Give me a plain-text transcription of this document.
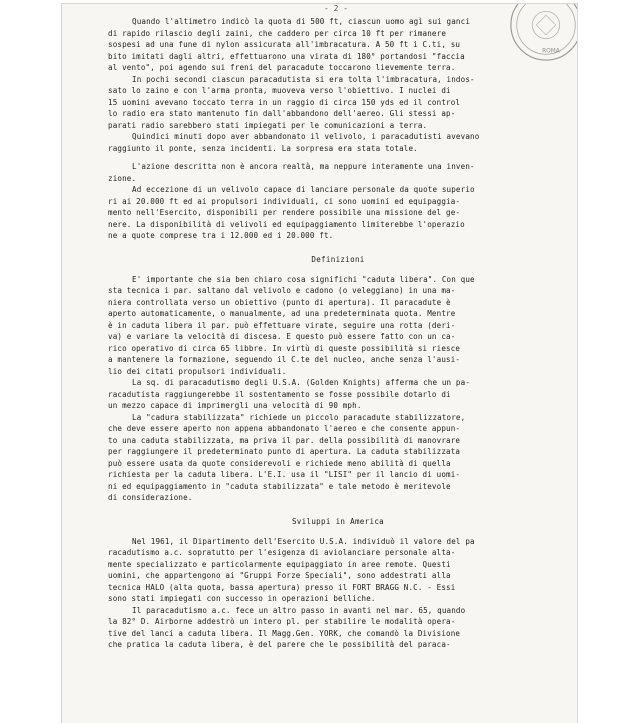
- 2 -
ROMA
Quando l'altimetro indicò la quota di 500 ft, ciascun uomo agì sui ganci
di rapido rilascio degli zaini, che caddero per circa 10 ft per rimanere
sospesi ad una fune di nylon assicurata all'imbracatura. A 50 ft i C.ti, su
bito imitati dagli altri, effettuarono una virata di 180° portandosi "faccia
al vento", poi agendo sui freni del paracadute toccarono lievemente terra.
In pochi secondi ciascun paracadutista si era tolta l'imbracatura, indos-
sato lo zaino e con l'arma pronta, muoveva verso l'obiettivo. I nuclei di
15 uomini avevano toccato terra in un raggio di circa 150 yds ed il control
lo radio era stato mantenuto fin dall'abbandono dell'aereo. Gli stessi ap-
parati radio sarebbero stati impiegati per le comunicazioni a terra.
Quindici minuti dopo aver abbandonato il velivolo, i paracadutisti avevano
raggiunto il ponte, senza incidenti. La sorpresa era stata totale.
L'azione descritta non è ancora realtà, ma neppure interamente una inven-
zione.
Ad eccezione di un velivolo capace di lanciare personale da quote superio
ri ai 20.000 ft ed ai propulsori individuali, ci sono uomini ed equipaggia-
mento nell'Esercito, disponibili per rendere possibile una missione del ge-
nere. La disponibilità di velivoli ed equipaggiamento limiterebbe l'operazio
ne a quote comprese tra i 12.000 ed i 20.000 ft.
Definizioni
E' importante che sia ben chiaro cosa significhi "caduta libera". Con que
sta tecnica i par. saltano dal velivolo e cadono (o veleggiano) in una ma-
niera controllata verso un obiettivo (punto di apertura). Il paracadute è
aperto automaticamente, o manualmente, ad una predeterminata quota. Mentre
è in caduta libera il par. può effettuare virate, seguire una rotta (deri-
va) e variare la velocità di discesa. E questo può essere fatto con un ca-
rico operativo di circa 65 libbre. In virtù di queste possibilità si riesce
a mantenere la formazione, seguendo il C.te del nucleo, anche senza l'ausi-
lio dei citati propulsori individuali.
La sq. di paracadutismo degli U.S.A. (Golden Knights) afferma che un pa-
racadutista raggiungerebbe il sostentamento se fosse possibile dotarlo di
un mezzo capace di imprimergli una velocità di 90 mph.
La "cadura stabilizzata" richiede un piccolo paracadute stabilizzatore,
che deve essere aperto non appena abbandonato l'aereo e che consente appun-
to una caduta stabilizzata, ma priva il par. della possibilità di manovrare
per raggiungere il predeterminato punto di apertura. La caduta stabilizzata
può essere usata da quote considerevoli e richiede meno abilità di quella
richiesta per la caduta libera. L'E.I. usa il "LISI" per il lancio di uomi-
ni ed equipaggiamento in "caduta stabilizzata" e tale metodo è meritevole
di considerazione.
Sviluppi in America
Nel 1961, il Dipartimento dell'Esercito U.S.A. individuò il valore del pa
racadutismo a.c. sopratutto per l'esigenza di aviolanciare personale alta-
mente specializzato e particolarmente equipaggiato in aree remote. Questi
uomini, che appartengono ai "Gruppi Forze Speciali", sono addestrati alla
tecnica HALO (alta quota, bassa apertura) presso il FORT BRAGG N.C. - Essi
sono stati impiegati con successo in operazioni belliche.
Il paracadutismo a.c. fece un altro passo in avanti nel mar. 65, quando
la 82° D. Airborne addestrò un intero pl. per stabilire le modalità opera-
tive del lanci a caduta libera. Il Magg.Gen. YORK, che comandò la Divisione
che pratica la caduta libera, è del parere che le possibilità del paraca-
